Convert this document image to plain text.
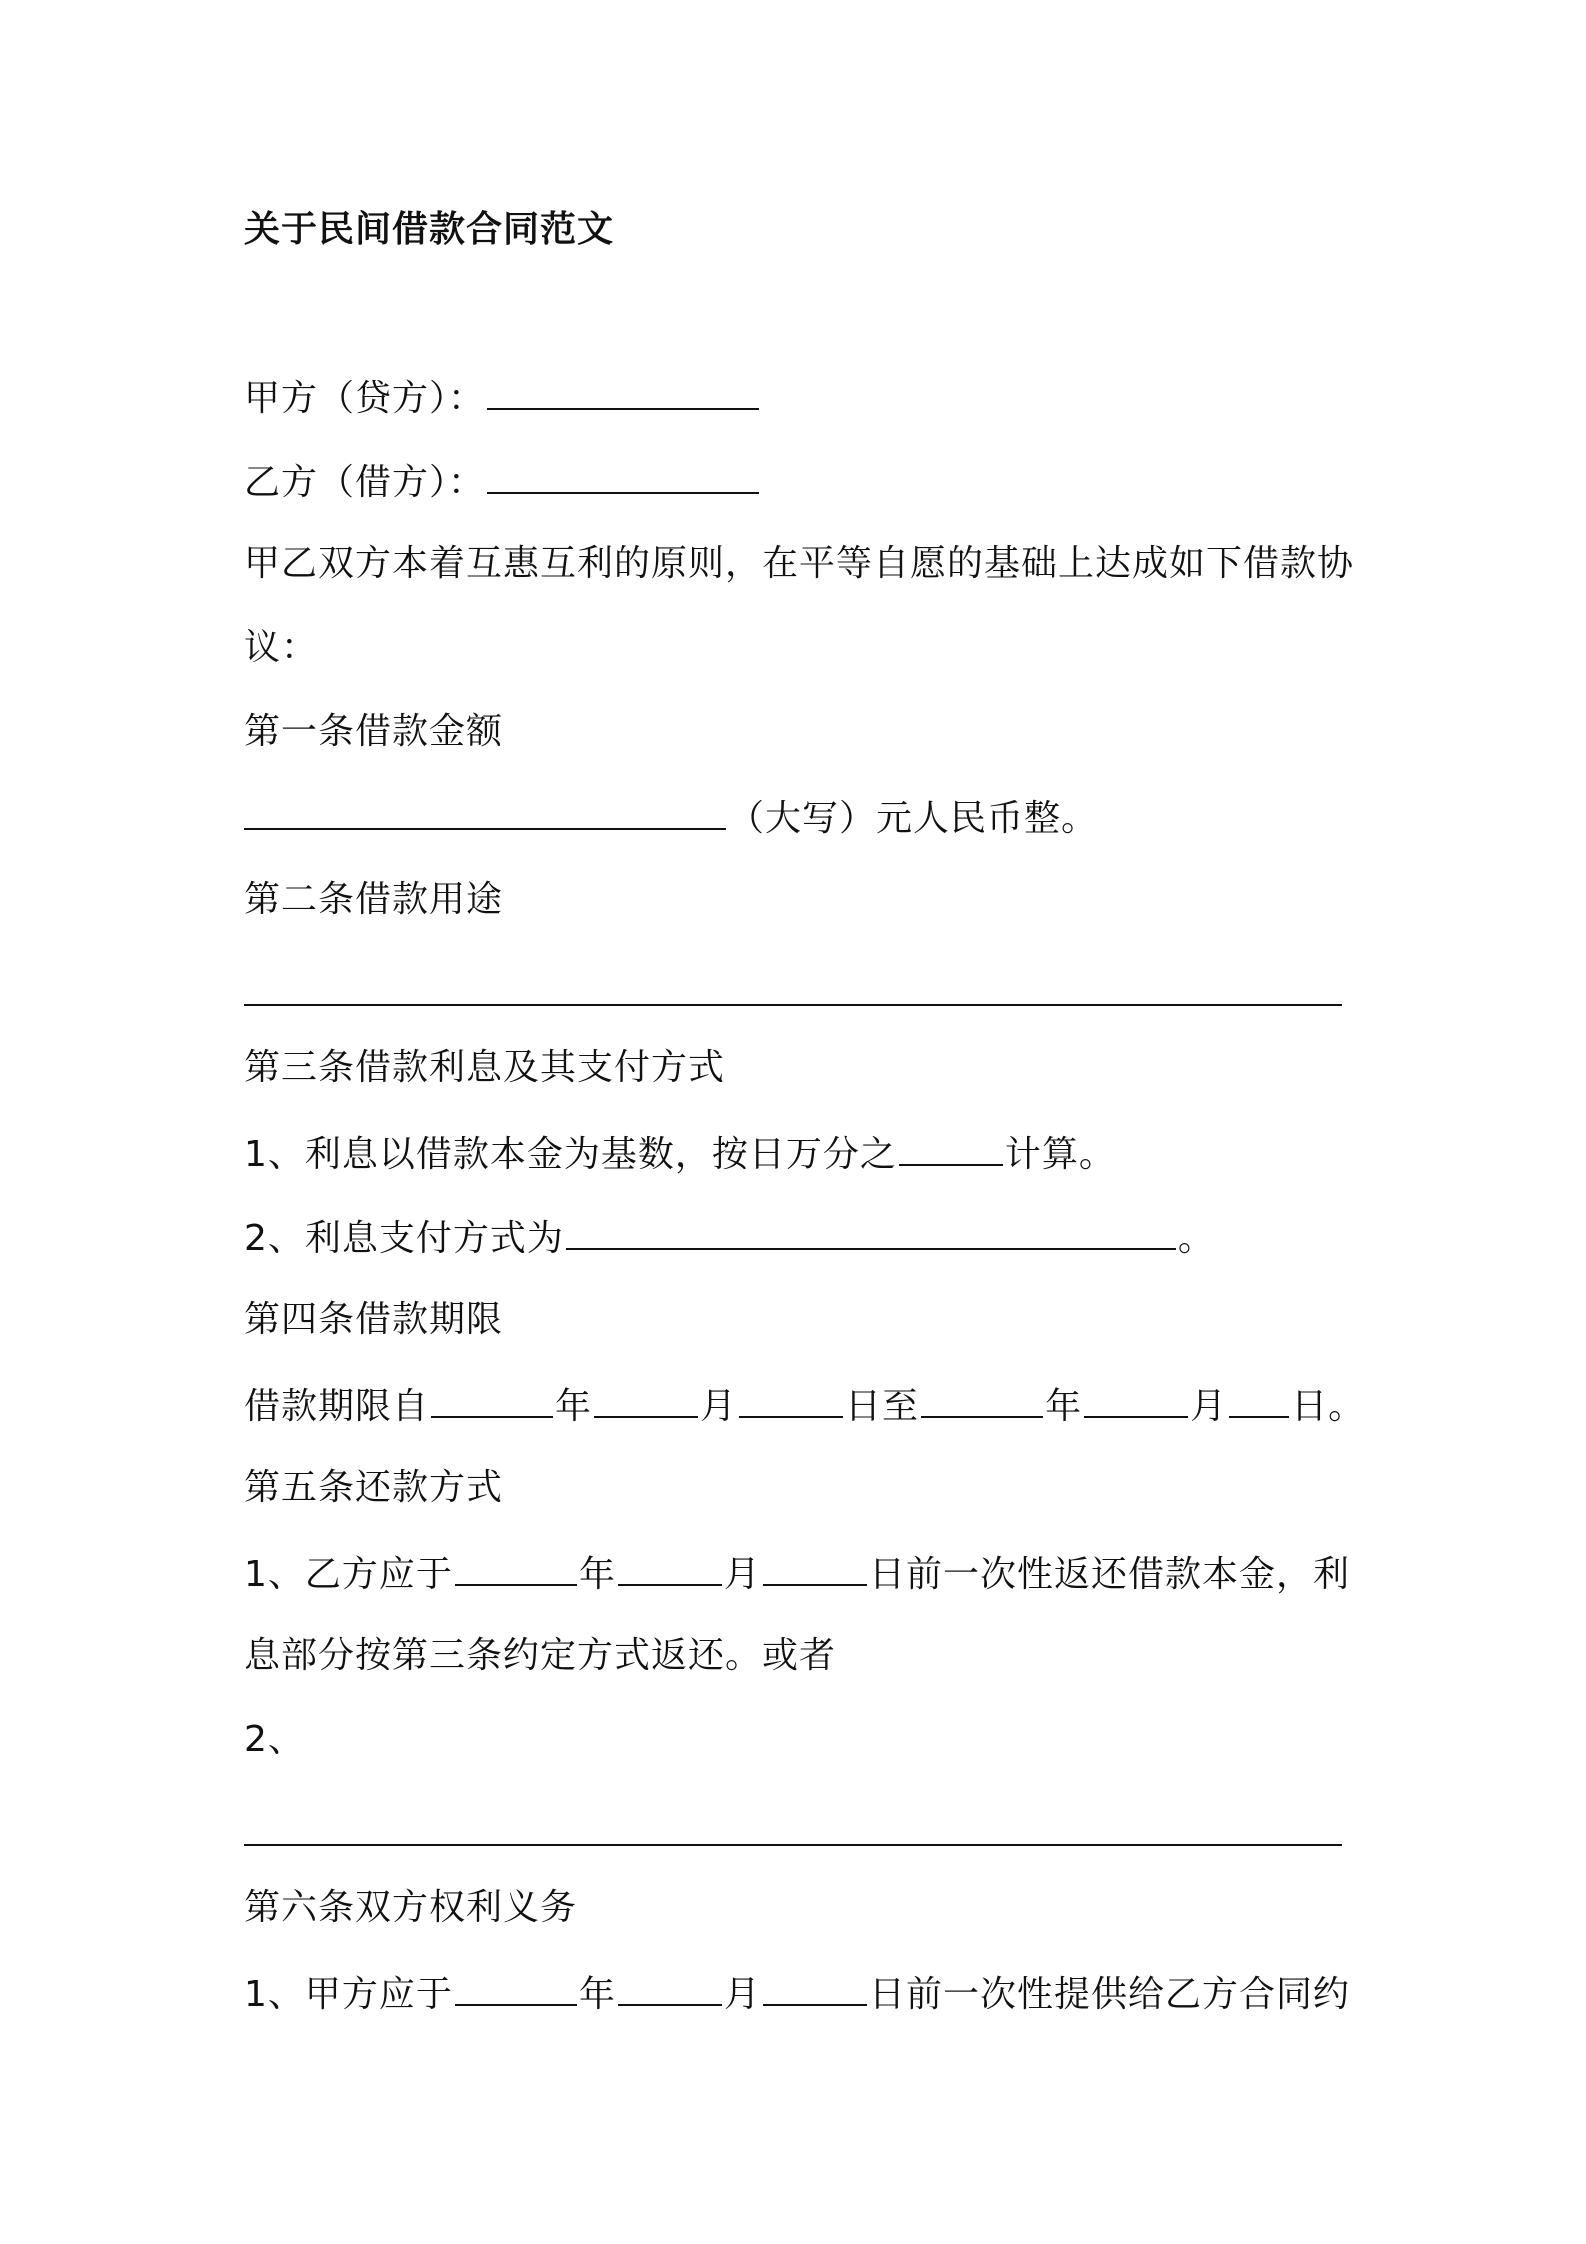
关于民间借款合同范文
甲方（贷方）：
乙方（借方）：
甲乙双方本着互惠互利的原则，在平等自愿的基础上达成如下借款协
议：
第一条借款金额
（大写）元人民币整。
第二条借款用途
第三条借款利息及其支付方式
1、利息以借款本金为基数，按日万分之	计算。
2、利息支付方式为	。
第四条借款期限
借款期限自	年	月	日至	年	月 日。
第五条还款方式
1、乙方应于	年	月	日前一次性返还借款本金，利
息部分按第三条约定方式返还。或者
2、
第六条双方权利义务
1、甲方应于	年	月	日前一次性提供给乙方合同约
